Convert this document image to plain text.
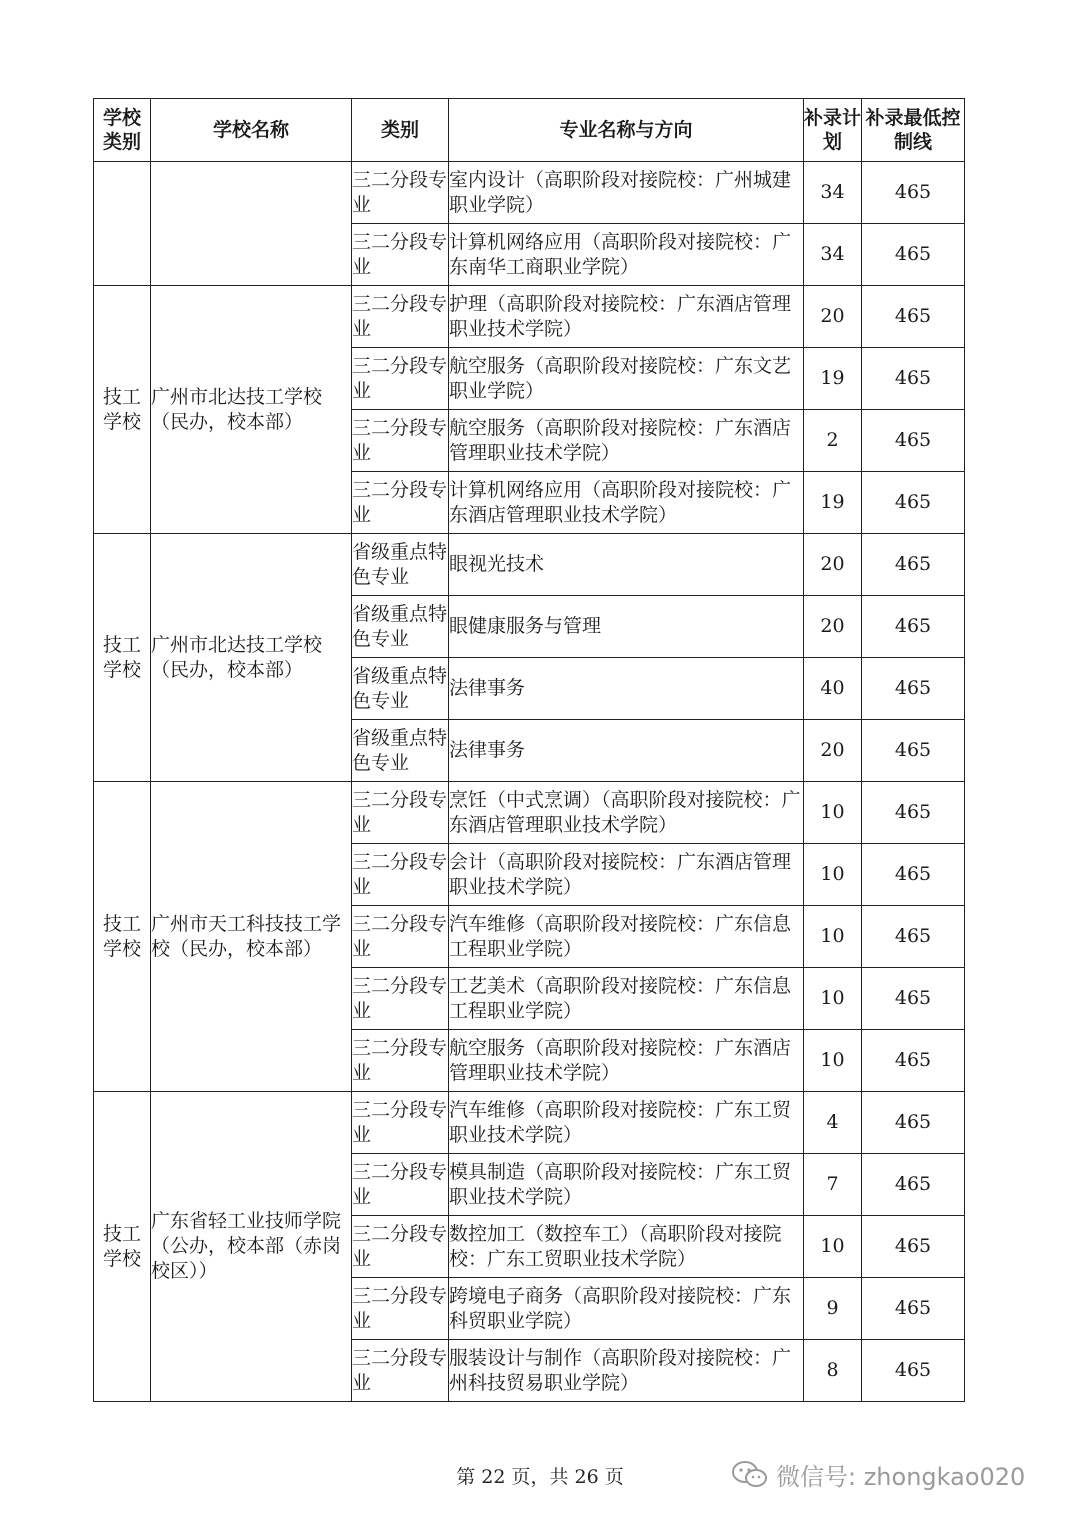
学校类别	学校名称	类别	专业名称与方向	补录计划	补录最低控制线
		三二分段专业	室内设计（高职阶段对接院校：广州城建职业学院）	34	465
		三二分段专业	计算机网络应用（高职阶段对接院校：广东南华工商职业学院）	34	465
技工学校	广州市北达技工学校（民办，校本部）	三二分段专业	护理（高职阶段对接院校：广东酒店管理职业技术学院）	20	465
		三二分段专业	航空服务（高职阶段对接院校：广东文艺职业学院）	19	465
		三二分段专业	航空服务（高职阶段对接院校：广东酒店管理职业技术学院）	2	465
		三二分段专业	计算机网络应用（高职阶段对接院校：广东酒店管理职业技术学院）	19	465
技工学校	广州市北达技工学校（民办，校本部）	省级重点特色专业	眼视光技术	20	465
		省级重点特色专业	眼健康服务与管理	20	465
		省级重点特色专业	法律事务	40	465
		省级重点特色专业	法律事务	20	465
技工学校	广州市天工科技技工学校（民办，校本部）	三二分段专业	烹饪（中式烹调）（高职阶段对接院校：广东酒店管理职业技术学院）	10	465
		三二分段专业	会计（高职阶段对接院校：广东酒店管理职业技术学院）	10	465
		三二分段专业	汽车维修（高职阶段对接院校：广东信息工程职业学院）	10	465
		三二分段专业	工艺美术（高职阶段对接院校：广东信息工程职业学院）	10	465
		三二分段专业	航空服务（高职阶段对接院校：广东酒店管理职业技术学院）	10	465
技工学校	广东省轻工业技师学院（公办，校本部（赤岗校区））	三二分段专业	汽车维修（高职阶段对接院校：广东工贸职业技术学院）	4	465
		三二分段专业	模具制造（高职阶段对接院校：广东工贸职业技术学院）	7	465
		三二分段专业	数控加工（数控车工）（高职阶段对接院校：广东工贸职业技术学院）	10	465
		三二分段专业	跨境电子商务（高职阶段对接院校：广东科贸职业学院）	9	465
		三二分段专业	服装设计与制作（高职阶段对接院校：广州科技贸易职业学院）	8	465
第 22 页，共 26 页	微信号: zhongkao020
